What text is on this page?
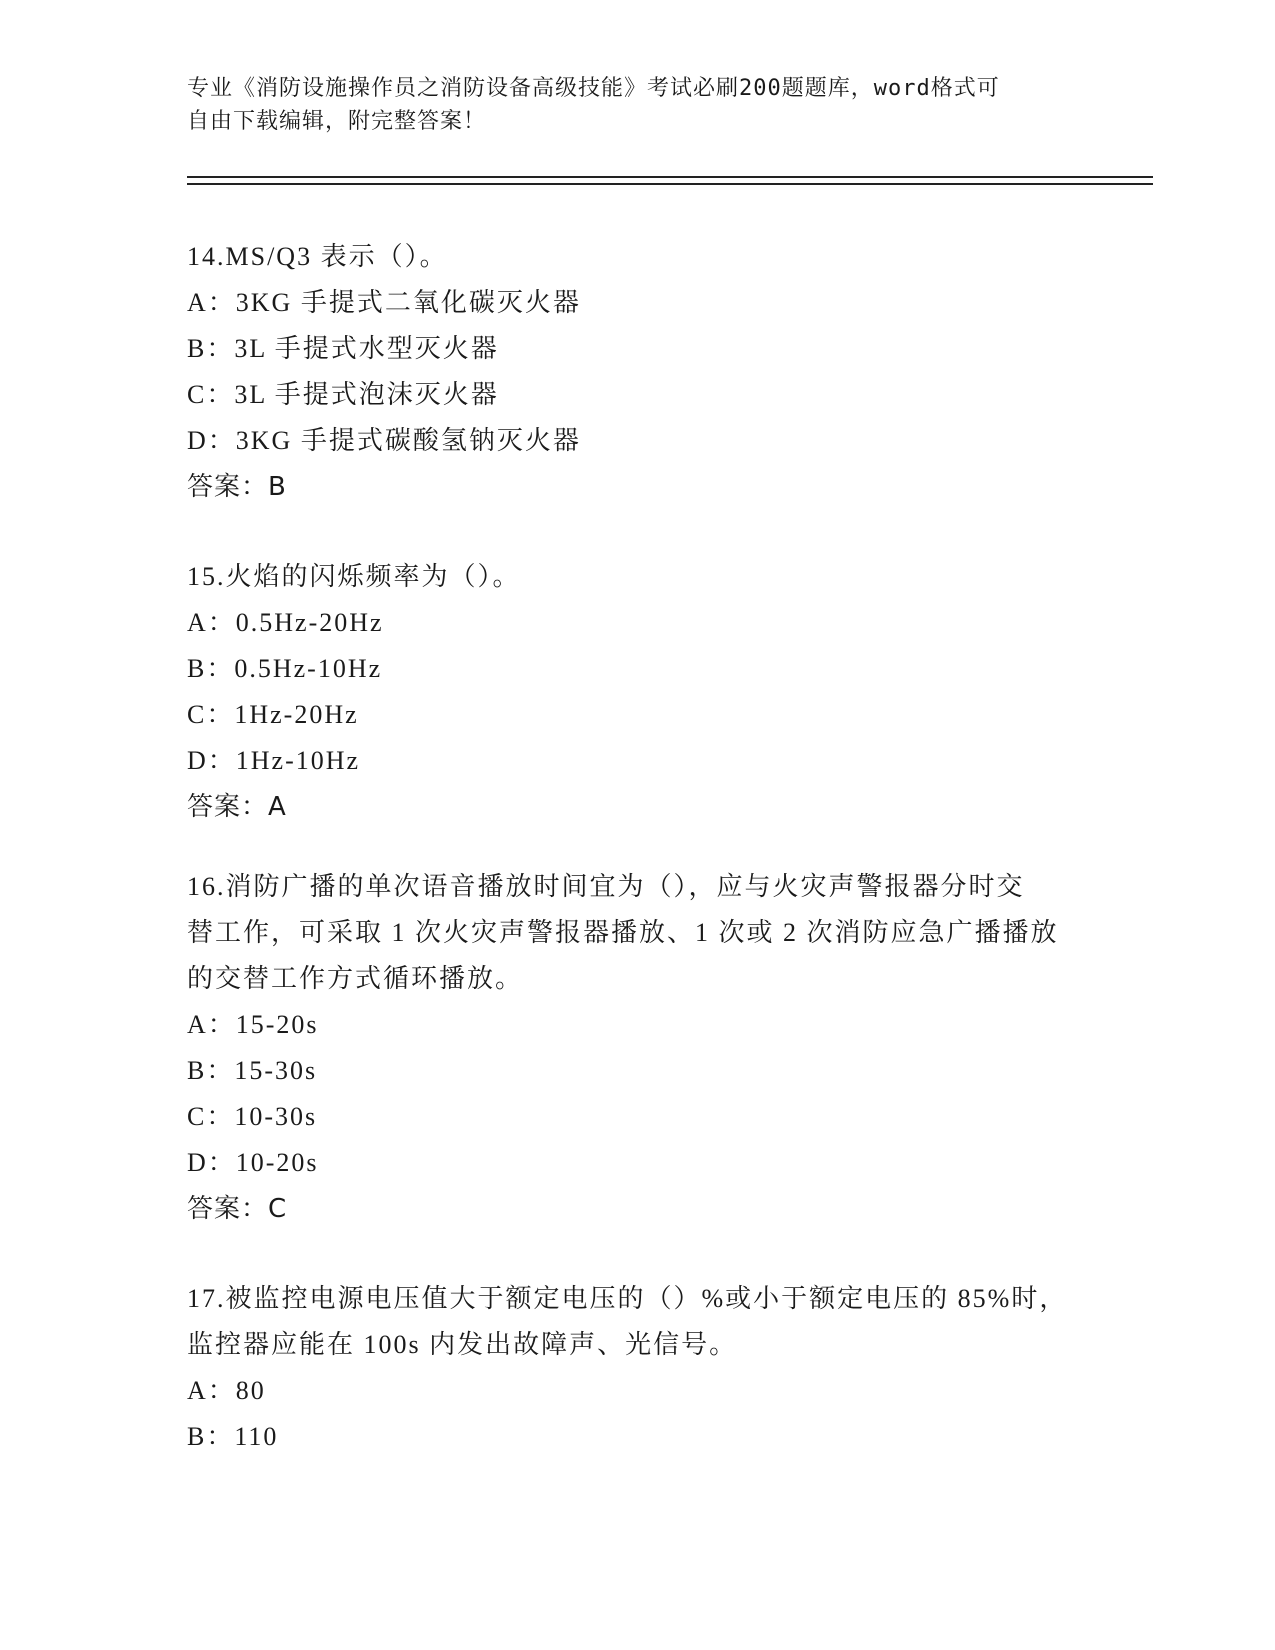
专业《消防设施操作员之消防设备高级技能》考试必刷200题题库，word格式可
自由下载编辑，附完整答案！

14.MS/Q3 表示（）。

A：3KG 手提式二氧化碳灭火器

B：3L 手提式水型灭火器

C：3L 手提式泡沫灭火器

D：3KG 手提式碳酸氢钠灭火器

答案：B

15.火焰的闪烁频率为（）。

A：0.5Hz-20Hz

B：0.5Hz-10Hz

C：1Hz-20Hz

D：1Hz-10Hz

答案：A

16.消防广播的单次语音播放时间宜为（），应与火灾声警报器分时交

替工作，可采取 1 次火灾声警报器播放、1 次或 2 次消防应急广播播放

的交替工作方式循环播放。

A：15-20s

B：15-30s

C：10-30s

D：10-20s

答案：C

17.被监控电源电压值大于额定电压的（）%或小于额定电压的 85%时，

监控器应能在 100s 内发出故障声、光信号。

A：80

B：110
